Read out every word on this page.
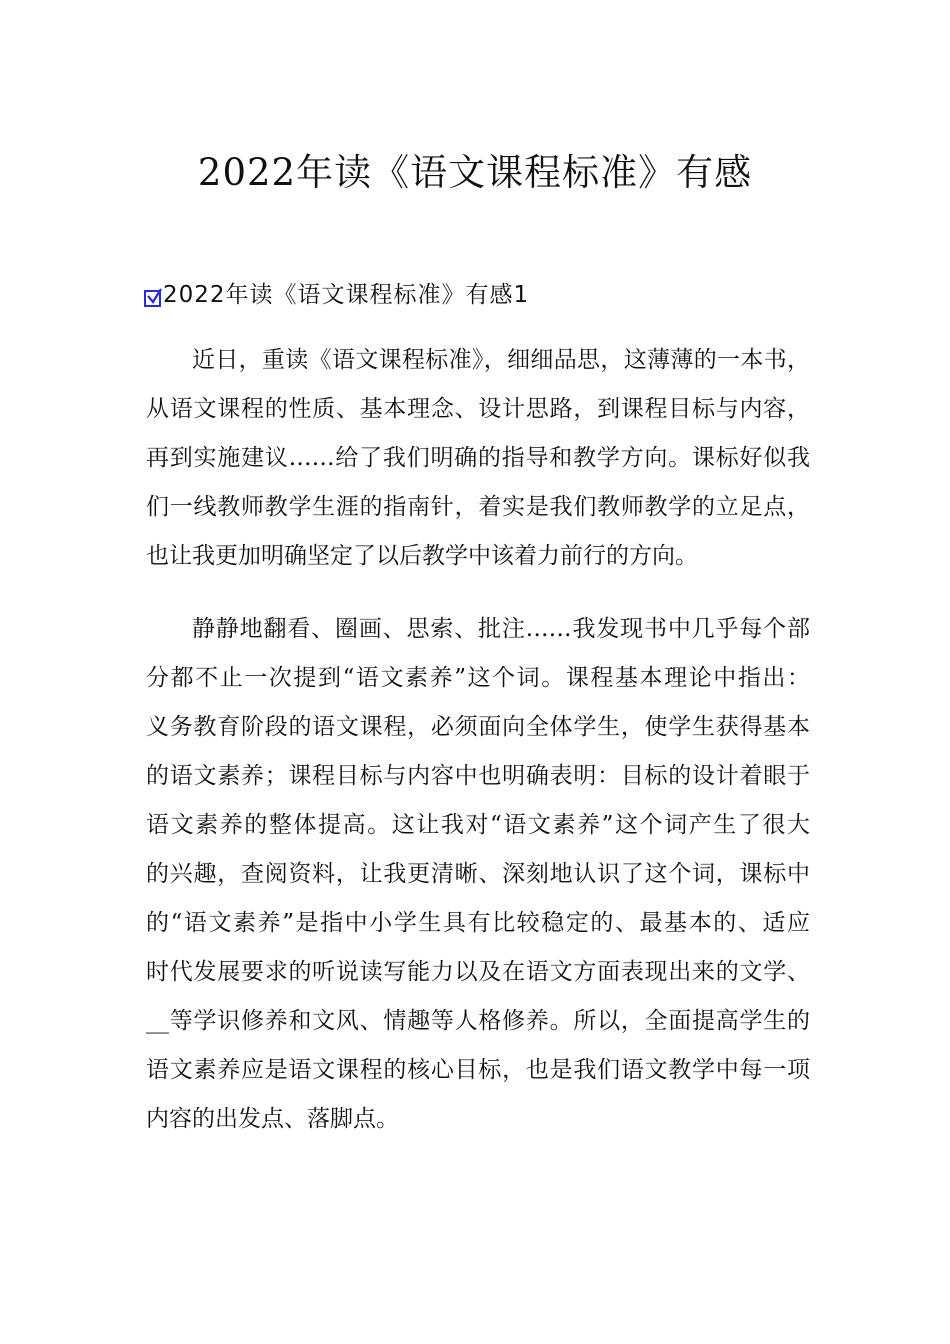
2022年读《语文课程标准》有感
2022年读《语文课程标准》有感1
近日，重读《语文课程标准》，细细品思，这薄薄的一本书，
从语文课程的性质、基本理念、设计思路，到课程目标与内容，
再到实施建议……给了我们明确的指导和教学方向。课标好似我
们一线教师教学生涯的指南针，着实是我们教师教学的立足点，
也让我更加明确坚定了以后教学中该着力前行的方向。
静静地翻看、圈画、思索、批注……我发现书中几乎每个部
分都不止一次提到“语文素养”这个词。课程基本理论中指出：
义务教育阶段的语文课程，必须面向全体学生，使学生获得基本
的语文素养；课程目标与内容中也明确表明：目标的设计着眼于
语文素养的整体提高。这让我对“语文素养”这个词产生了很大
的兴趣，查阅资料，让我更清晰、深刻地认识了这个词，课标中
的“语文素养”是指中小学生具有比较稳定的、最基本的、适应
时代发展要求的听说读写能力以及在语文方面表现出来的文学、
__等学识修养和文风、情趣等人格修养。所以，全面提高学生的
语文素养应是语文课程的核心目标，也是我们语文教学中每一项
内容的出发点、落脚点。
